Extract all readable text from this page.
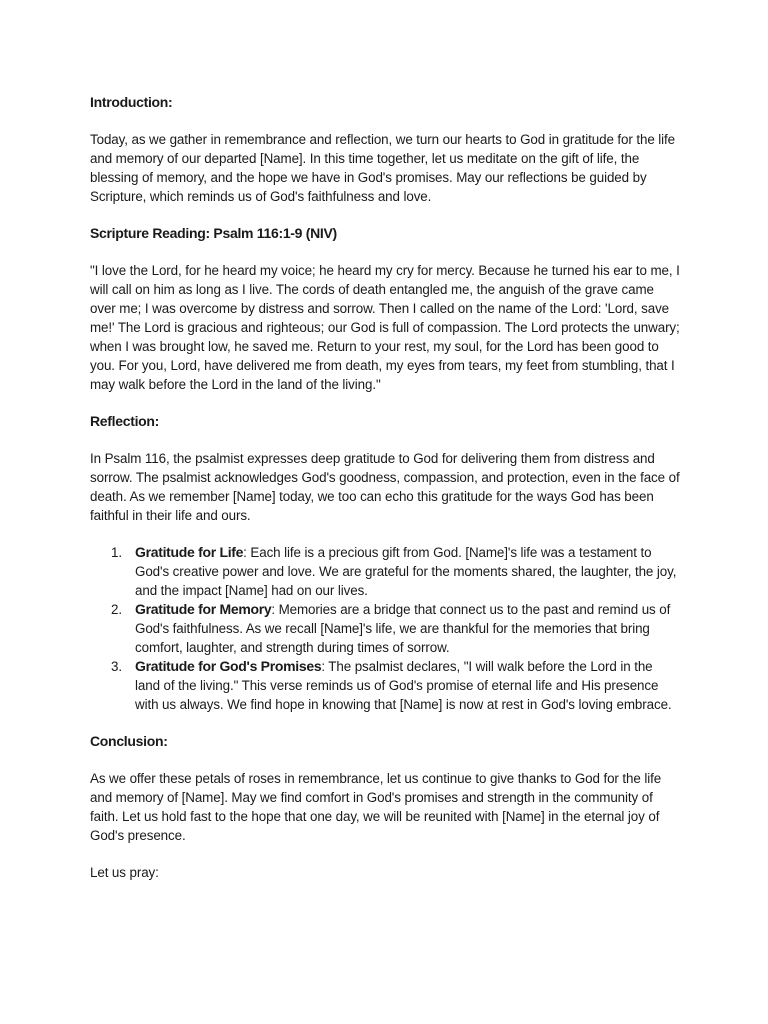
Introduction:

Today, as we gather in remembrance and reflection, we turn our hearts to God in gratitude for the life and memory of our departed [Name]. In this time together, let us meditate on the gift of life, the blessing of memory, and the hope we have in God's promises. May our reflections be guided by Scripture, which reminds us of God's faithfulness and love.

Scripture Reading: Psalm 116:1-9 (NIV)

"I love the Lord, for he heard my voice; he heard my cry for mercy. Because he turned his ear to me, I will call on him as long as I live. The cords of death entangled me, the anguish of the grave came over me; I was overcome by distress and sorrow. Then I called on the name of the Lord: 'Lord, save me!' The Lord is gracious and righteous; our God is full of compassion. The Lord protects the unwary; when I was brought low, he saved me. Return to your rest, my soul, for the Lord has been good to you. For you, Lord, have delivered me from death, my eyes from tears, my feet from stumbling, that I may walk before the Lord in the land of the living."

Reflection:

In Psalm 116, the psalmist expresses deep gratitude to God for delivering them from distress and sorrow. The psalmist acknowledges God's goodness, compassion, and protection, even in the face of death. As we remember [Name] today, we too can echo this gratitude for the ways God has been faithful in their life and ours.

1. Gratitude for Life: Each life is a precious gift from God. [Name]'s life was a testament to God's creative power and love. We are grateful for the moments shared, the laughter, the joy, and the impact [Name] had on our lives.
2. Gratitude for Memory: Memories are a bridge that connect us to the past and remind us of God's faithfulness. As we recall [Name]'s life, we are thankful for the memories that bring comfort, laughter, and strength during times of sorrow.
3. Gratitude for God's Promises: The psalmist declares, "I will walk before the Lord in the land of the living." This verse reminds us of God's promise of eternal life and His presence with us always. We find hope in knowing that [Name] is now at rest in God's loving embrace.
Conclusion:

As we offer these petals of roses in remembrance, let us continue to give thanks to God for the life and memory of [Name]. May we find comfort in God's promises and strength in the community of faith. Let us hold fast to the hope that one day, we will be reunited with [Name] in the eternal joy of God's presence.

Let us pray:
